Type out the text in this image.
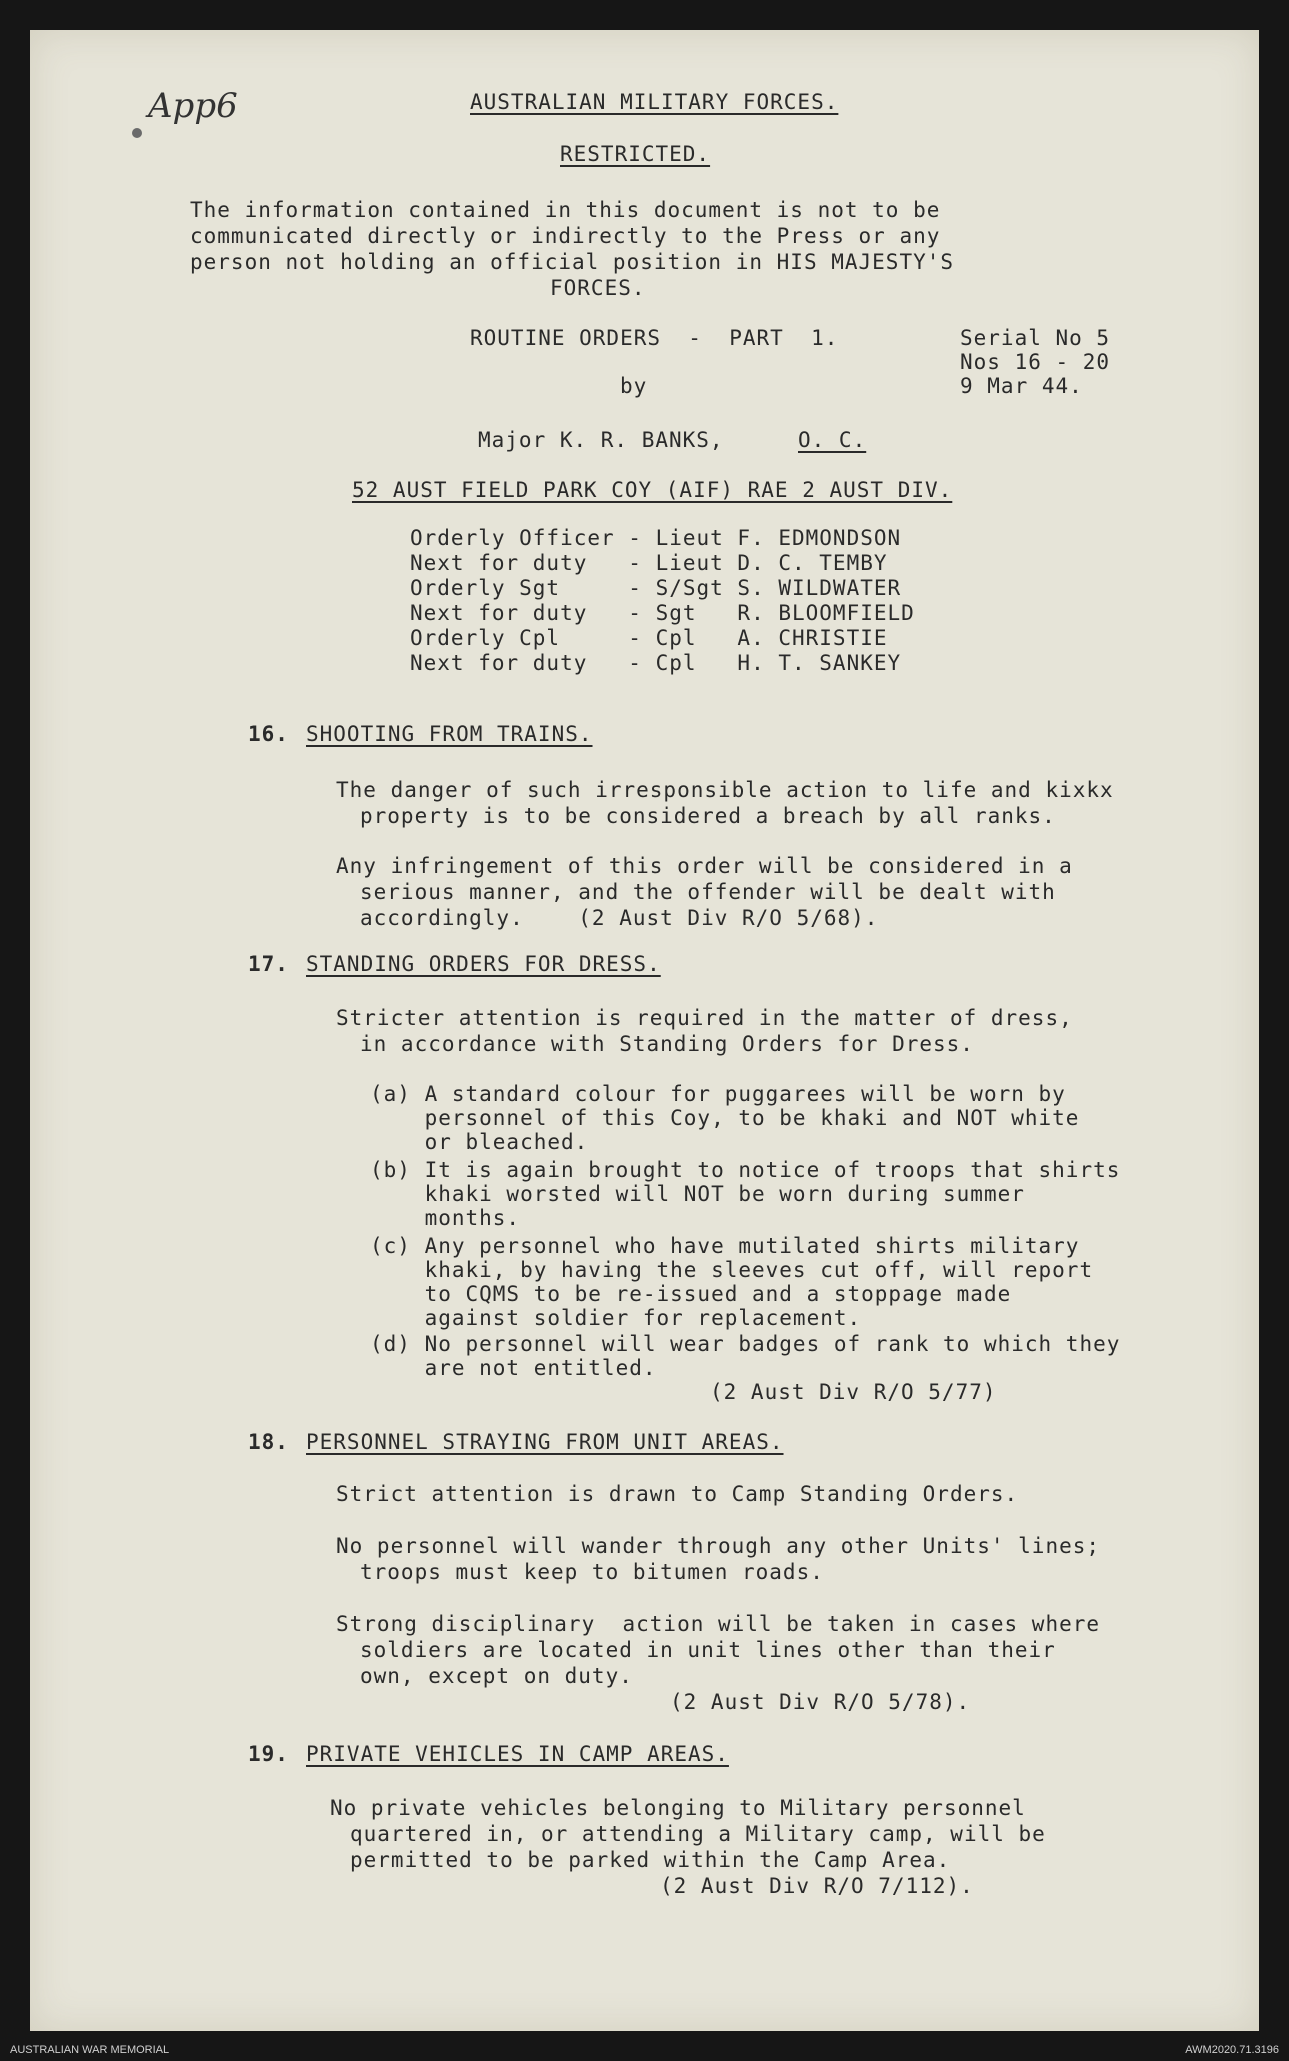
App6	AUSTRALIAN MILITARY FORCES.
RESTRICTED.
The information contained in this document is not to be
communicated directly or indirectly to the Press or any
person not holding an official position in HIS MAJESTY'S
FORCES.
ROUTINE ORDERS  -  PART  1.	Serial No 5
Nos 16 - 20
by	9 Mar 44.
Major K. R. BANKS,	O. C.
52 AUST FIELD PARK COY (AIF) RAE 2 AUST DIV.
Orderly Officer - Lieut F. EDMONDSON
Next for duty   - Lieut D. C. TEMBY
Orderly Sgt     - S/Sgt S. WILDWATER
Next for duty   - Sgt   R. BLOOMFIELD
Orderly Cpl     - Cpl   A. CHRISTIE
Next for duty   - Cpl   H. T. SANKEY
16. SHOOTING FROM TRAINS.
The danger of such irresponsible action to life and kixkx
property is to be considered a breach by all ranks.
Any infringement of this order will be considered in a
serious manner, and the offender will be dealt with
accordingly.    (2 Aust Div R/O 5/68).
17. STANDING ORDERS FOR DRESS.
Stricter attention is required in the matter of dress,
in accordance with Standing Orders for Dress.
(a) A standard colour for puggarees will be worn by
personnel of this Coy, to be khaki and NOT white
or bleached.
(b) It is again brought to notice of troops that shirts
khaki worsted will NOT be worn during summer
months.
(c) Any personnel who have mutilated shirts military
khaki, by having the sleeves cut off, will report
to CQMS to be re-issued and a stoppage made
against soldier for replacement.
(d) No personnel will wear badges of rank to which they
are not entitled.
(2 Aust Div R/O 5/77)
18. PERSONNEL STRAYING FROM UNIT AREAS.
Strict attention is drawn to Camp Standing Orders.
No personnel will wander through any other Units' lines;
troops must keep to bitumen roads.
Strong disciplinary  action will be taken in cases where
soldiers are located in unit lines other than their
own, except on duty.
(2 Aust Div R/O 5/78).
19. PRIVATE VEHICLES IN CAMP AREAS.
No private vehicles belonging to Military personnel
quartered in, or attending a Military camp, will be
permitted to be parked within the Camp Area.
(2 Aust Div R/O 7/112).
AUSTRALIAN WAR MEMORIAL	AWM2020.71.3196
